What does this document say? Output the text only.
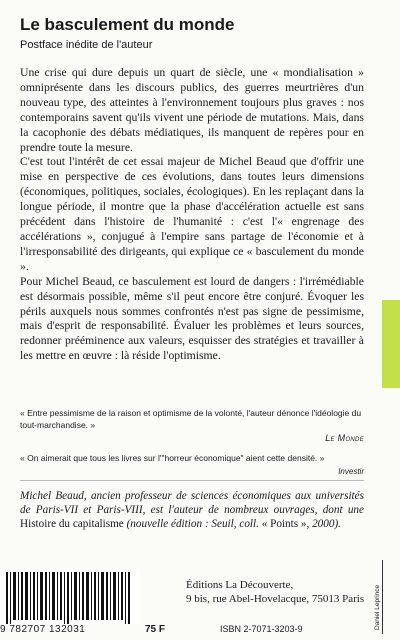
Le basculement du monde
Postface inédite de l'auteur

Une crise qui dure depuis un quart de siècle, une « mondialisation » omniprésente dans les discours publics, des guerres meurtrières d'un nouveau type, des atteintes à l'environnement toujours plus graves : nos contemporains savent qu'ils vivent une période de mutations. Mais, dans la cacophonie des débats médiatiques, ils manquent de repères pour en prendre toute la mesure.

C'est tout l'intérêt de cet essai majeur de Michel Beaud que d'offrir une mise en perspective de ces évolutions, dans toutes leurs dimensions (économiques, politiques, sociales, écologiques). En les replaçant dans la longue période, il montre que la phase d'accélération actuelle est sans précédent dans l'histoire de l'humanité : c'est l'« engrenage des accélérations », conjugué à l'empire sans partage de l'économie et à l'irresponsabilité des dirigeants, qui explique ce « basculement du monde ».

Pour Michel Beaud, ce basculement est lourd de dangers : l'irrémédiable est désormais possible, même s'il peut encore être conjuré. Évoquer les périls auxquels nous sommes confrontés n'est pas signe de pessimisme, mais d'esprit de responsabilité. Évaluer les problèmes et leurs sources, redonner prééminence aux valeurs, esquisser des stratégies et travailler à les mettre en œuvre : là réside l'optimisme.

« Entre pessimisme de la raison et optimisme de la volonté, l'auteur dénonce l'idéologie du tout-marchandise. »
Le Monde
« On aimerait que tous les livres sur l'"horreur économique" aient cette densité. »
Investir
Michel Beaud, ancien professeur de sciences économiques aux universités de Paris-VII et Paris-VIII, est l'auteur de nombreux ouvrages, dont une Histoire du capitalisme (nouvelle édition : Seuil, coll. « Points », 2000).
Éditions La Découverte,
9 bis, rue Abel-Hovelacque, 75013 Paris
9 782707 132031	75 F	ISBN 2-7071-3203-9	Daniel Leprince
